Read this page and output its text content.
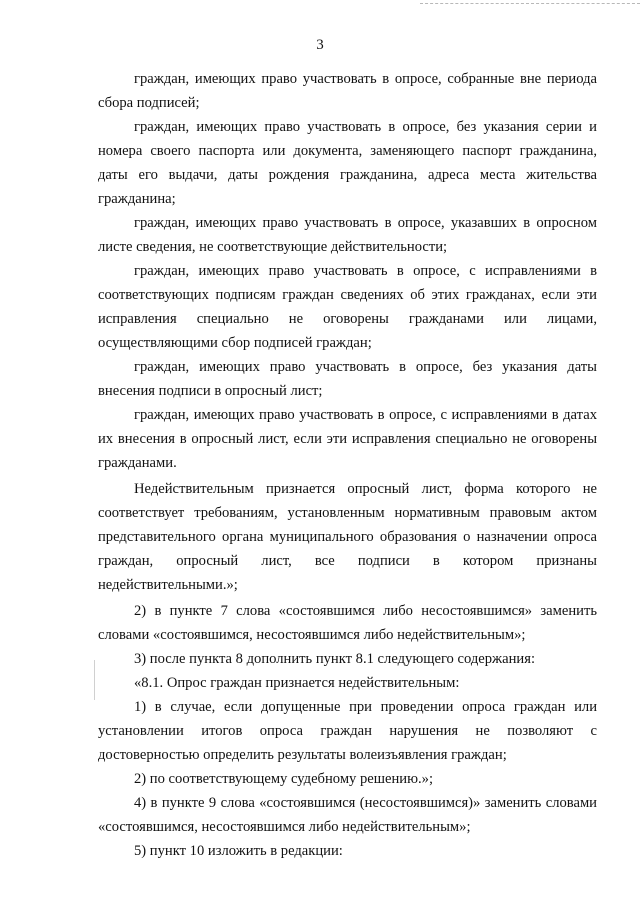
3

граждан, имеющих право участвовать в опросе, собранные вне периода сбора подписей;

граждан, имеющих право участвовать в опросе, без указания серии и номера своего паспорта или документа, заменяющего паспорт гражданина, даты его выдачи, даты рождения гражданина, адреса места жительства гражданина;

граждан, имеющих право участвовать в опросе, указавших в опросном листе сведения, не соответствующие действительности;

граждан, имеющих право участвовать в опросе, с исправлениями в соответствующих подписям граждан сведениях об этих гражданах, если эти исправления специально не оговорены гражданами или лицами, осуществляющими сбор подписей граждан;

граждан, имеющих право участвовать в опросе, без указания даты внесения подписи в опросный лист;

граждан, имеющих право участвовать в опросе, с исправлениями в датах их внесения в опросный лист, если эти исправления специально не оговорены гражданами.

Недействительным признается опросный лист, форма которого не соответствует требованиям, установленным нормативным правовым актом представительного органа муниципального образования о назначении опроса граждан, опросный лист, все подписи в котором признаны недействительными.»;

2) в пункте 7 слова «состоявшимся либо несостоявшимся» заменить словами «состоявшимся, несостоявшимся либо недействительным»;

3) после пункта 8 дополнить пункт 8.1 следующего содержания:

«8.1. Опрос граждан признается недействительным:

1) в случае, если допущенные при проведении опроса граждан или установлении итогов опроса граждан нарушения не позволяют с достоверностью определить результаты волеизъявления граждан;

2) по соответствующему судебному решению.»;

4) в пункте 9 слова «состоявшимся (несостоявшимся)» заменить словами «состоявшимся, несостоявшимся либо недействительным»;

5) пункт 10 изложить в редакции:
